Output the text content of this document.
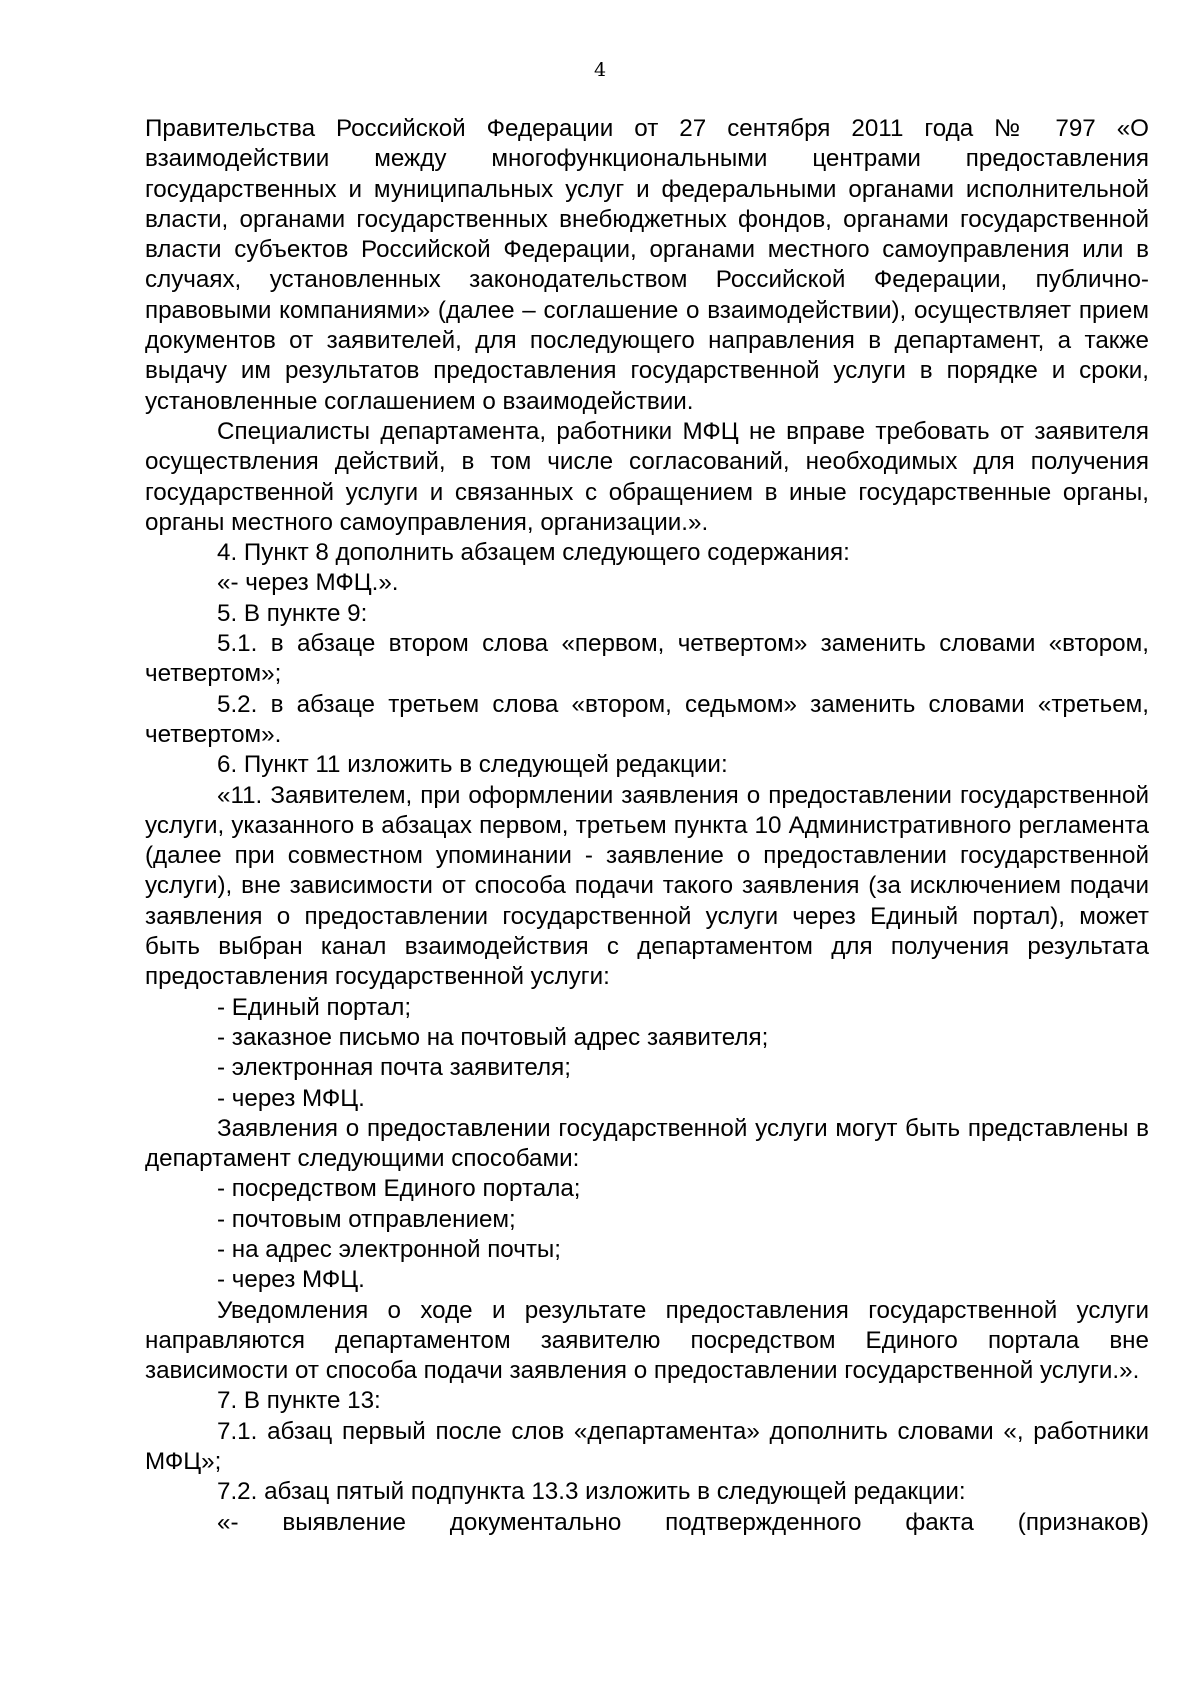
4

Правительства Российской Федерации от 27 сентября 2011 года № 797 «О взаимодействии между многофункциональными центрами предоставления государственных и муниципальных услуг и федеральными органами исполнительной власти, органами государственных внебюджетных фондов, органами государственной власти субъектов Российской Федерации, органами местного самоуправления или в случаях, установленных законодательством Российской Федерации, публично-правовыми компаниями» (далее – соглашение о взаимодействии), осуществляет прием документов от заявителей, для последующего направления в департамент, а также выдачу им результатов предоставления государственной услуги в порядке и сроки, установленные соглашением о взаимодействии.

Специалисты департамента, работники МФЦ не вправе требовать от заявителя осуществления действий, в том числе согласований, необходимых для получения государственной услуги и связанных с обращением в иные государственные органы, органы местного самоуправления, организации.».

4. Пункт 8 дополнить абзацем следующего содержания:

«- через МФЦ.».

5. В пункте 9:

5.1. в абзаце втором слова «первом, четвертом» заменить словами «втором, четвертом»;

5.2. в абзаце третьем слова «втором, седьмом» заменить словами «третьем, четвертом».

6. Пункт 11 изложить в следующей редакции:

«11. Заявителем, при оформлении заявления о предоставлении государственной услуги, указанного в абзацах первом, третьем пункта 10 Административного регламента (далее при совместном упоминании - заявление о предоставлении государственной услуги), вне зависимости от способа подачи такого заявления (за исключением подачи заявления о предоставлении государственной услуги через Единый портал), может быть выбран канал взаимодействия с департаментом для получения результата предоставления государственной услуги:

- Единый портал;

- заказное письмо на почтовый адрес заявителя;

- электронная почта заявителя;

- через МФЦ.

Заявления о предоставлении государственной услуги могут быть представлены в департамент следующими способами:

- посредством Единого портала;

- почтовым отправлением;

- на адрес электронной почты;

- через МФЦ.

Уведомления о ходе и результате предоставления государственной услуги направляются департаментом заявителю посредством Единого портала вне зависимости от способа подачи заявления о предоставлении государственной услуги.».

7. В пункте 13:

7.1. абзац первый после слов «департамента» дополнить словами «, работники МФЦ»;

7.2. абзац пятый подпункта 13.3 изложить в следующей редакции:

«- выявление документально подтвержденного факта (признаков)
